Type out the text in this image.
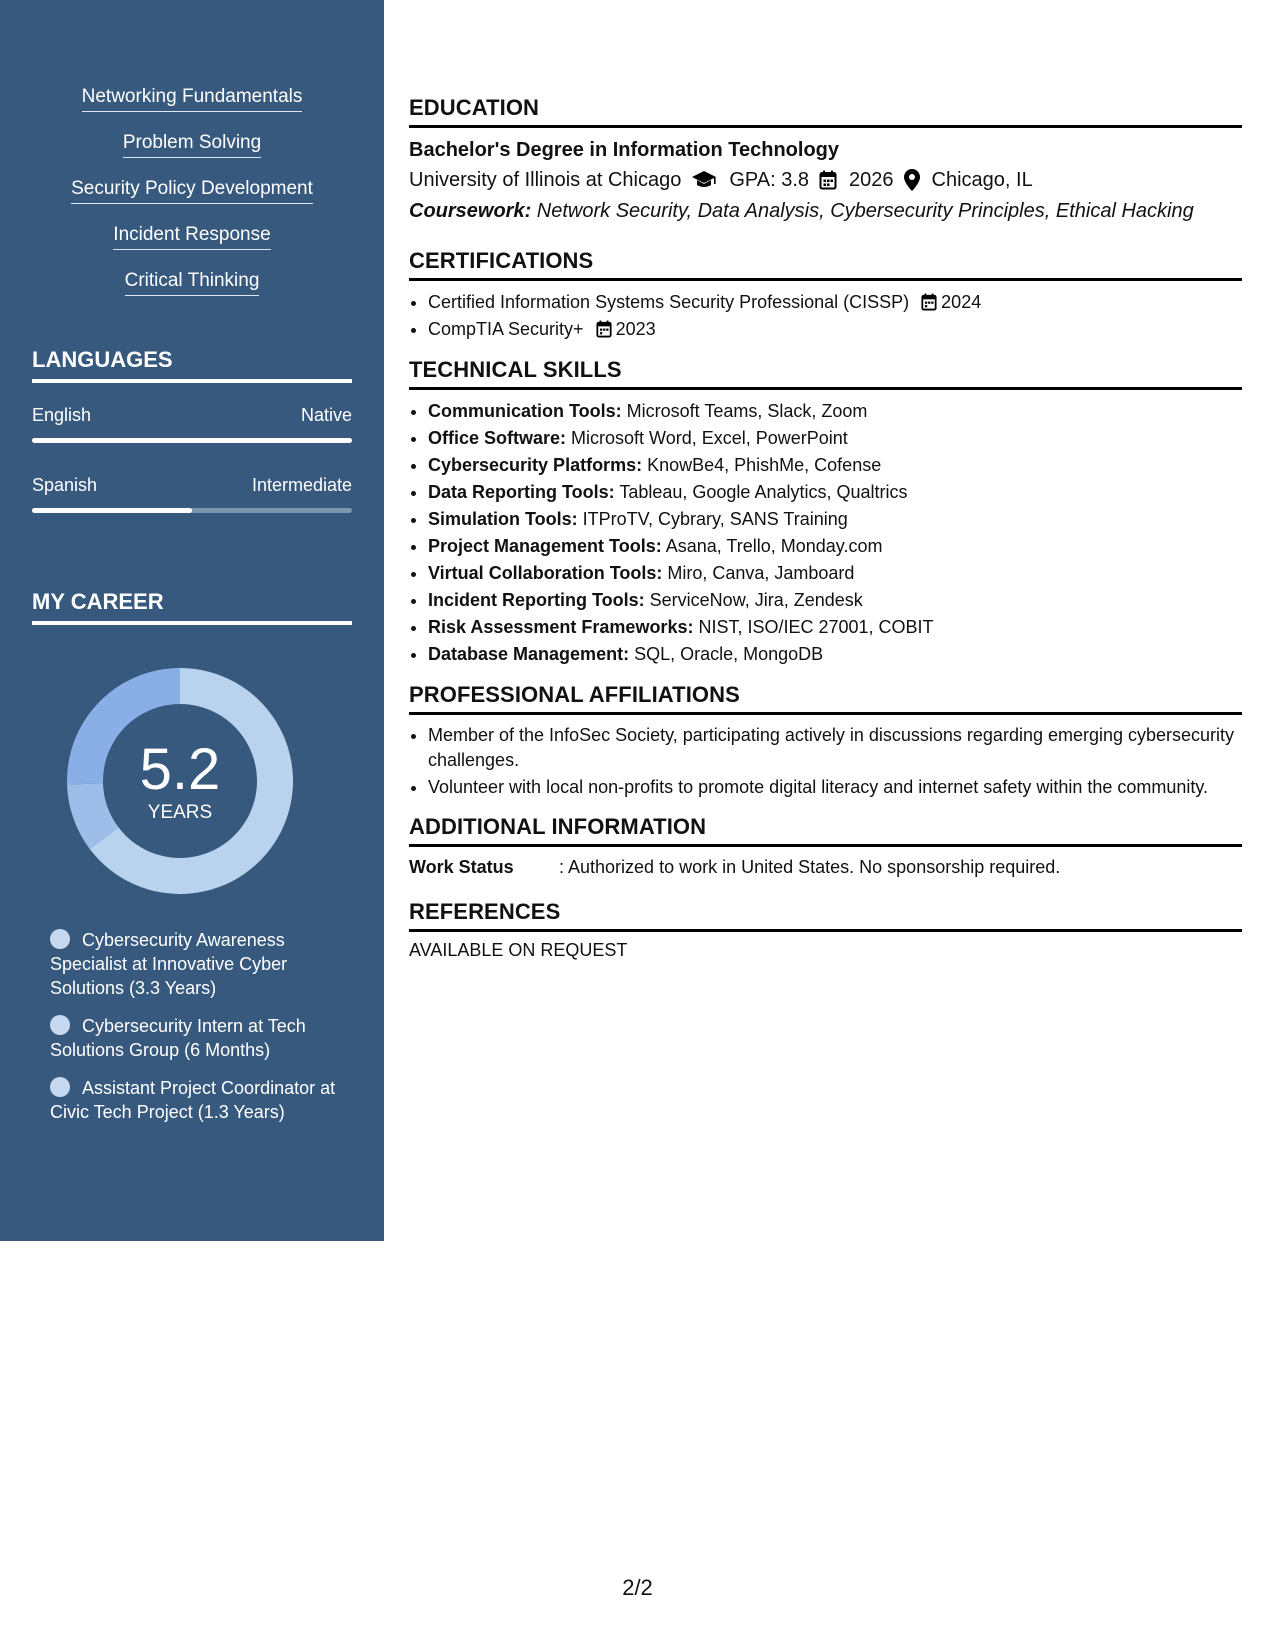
Networking Fundamentals
Problem Solving
Security Policy Development
Incident Response
Critical Thinking
LANGUAGES
English	Native
Spanish	Intermediate
MY CAREER
5.2
YEARS
Cybersecurity Awareness Specialist at Innovative Cyber Solutions (3.3 Years)
Cybersecurity Intern at Tech Solutions Group (6 Months)
Assistant Project Coordinator at Civic Tech Project (1.3 Years)
EDUCATION
Bachelor's Degree in Information Technology
University of Illinois at Chicago GPA: 3.8 2026 Chicago, IL
Coursework: Network Security, Data Analysis, Cybersecurity Principles, Ethical Hacking
CERTIFICATIONS
• Certified Information Systems Security Professional (CISSP) 2024
• CompTIA Security+ 2023
TECHNICAL SKILLS
• Communication Tools: Microsoft Teams, Slack, Zoom
• Office Software: Microsoft Word, Excel, PowerPoint
• Cybersecurity Platforms: KnowBe4, PhishMe, Cofense
• Data Reporting Tools: Tableau, Google Analytics, Qualtrics
• Simulation Tools: ITProTV, Cybrary, SANS Training
• Project Management Tools: Asana, Trello, Monday.com
• Virtual Collaboration Tools: Miro, Canva, Jamboard
• Incident Reporting Tools: ServiceNow, Jira, Zendesk
• Risk Assessment Frameworks: NIST, ISO/IEC 27001, COBIT
• Database Management: SQL, Oracle, MongoDB
PROFESSIONAL AFFILIATIONS
• Member of the InfoSec Society, participating actively in discussions regarding emerging cybersecurity challenges.
• Volunteer with local non-profits to promote digital literacy and internet safety within the community.
ADDITIONAL INFORMATION
Work Status	: Authorized to work in United States. No sponsorship required.
REFERENCES
AVAILABLE ON REQUEST
2/2
